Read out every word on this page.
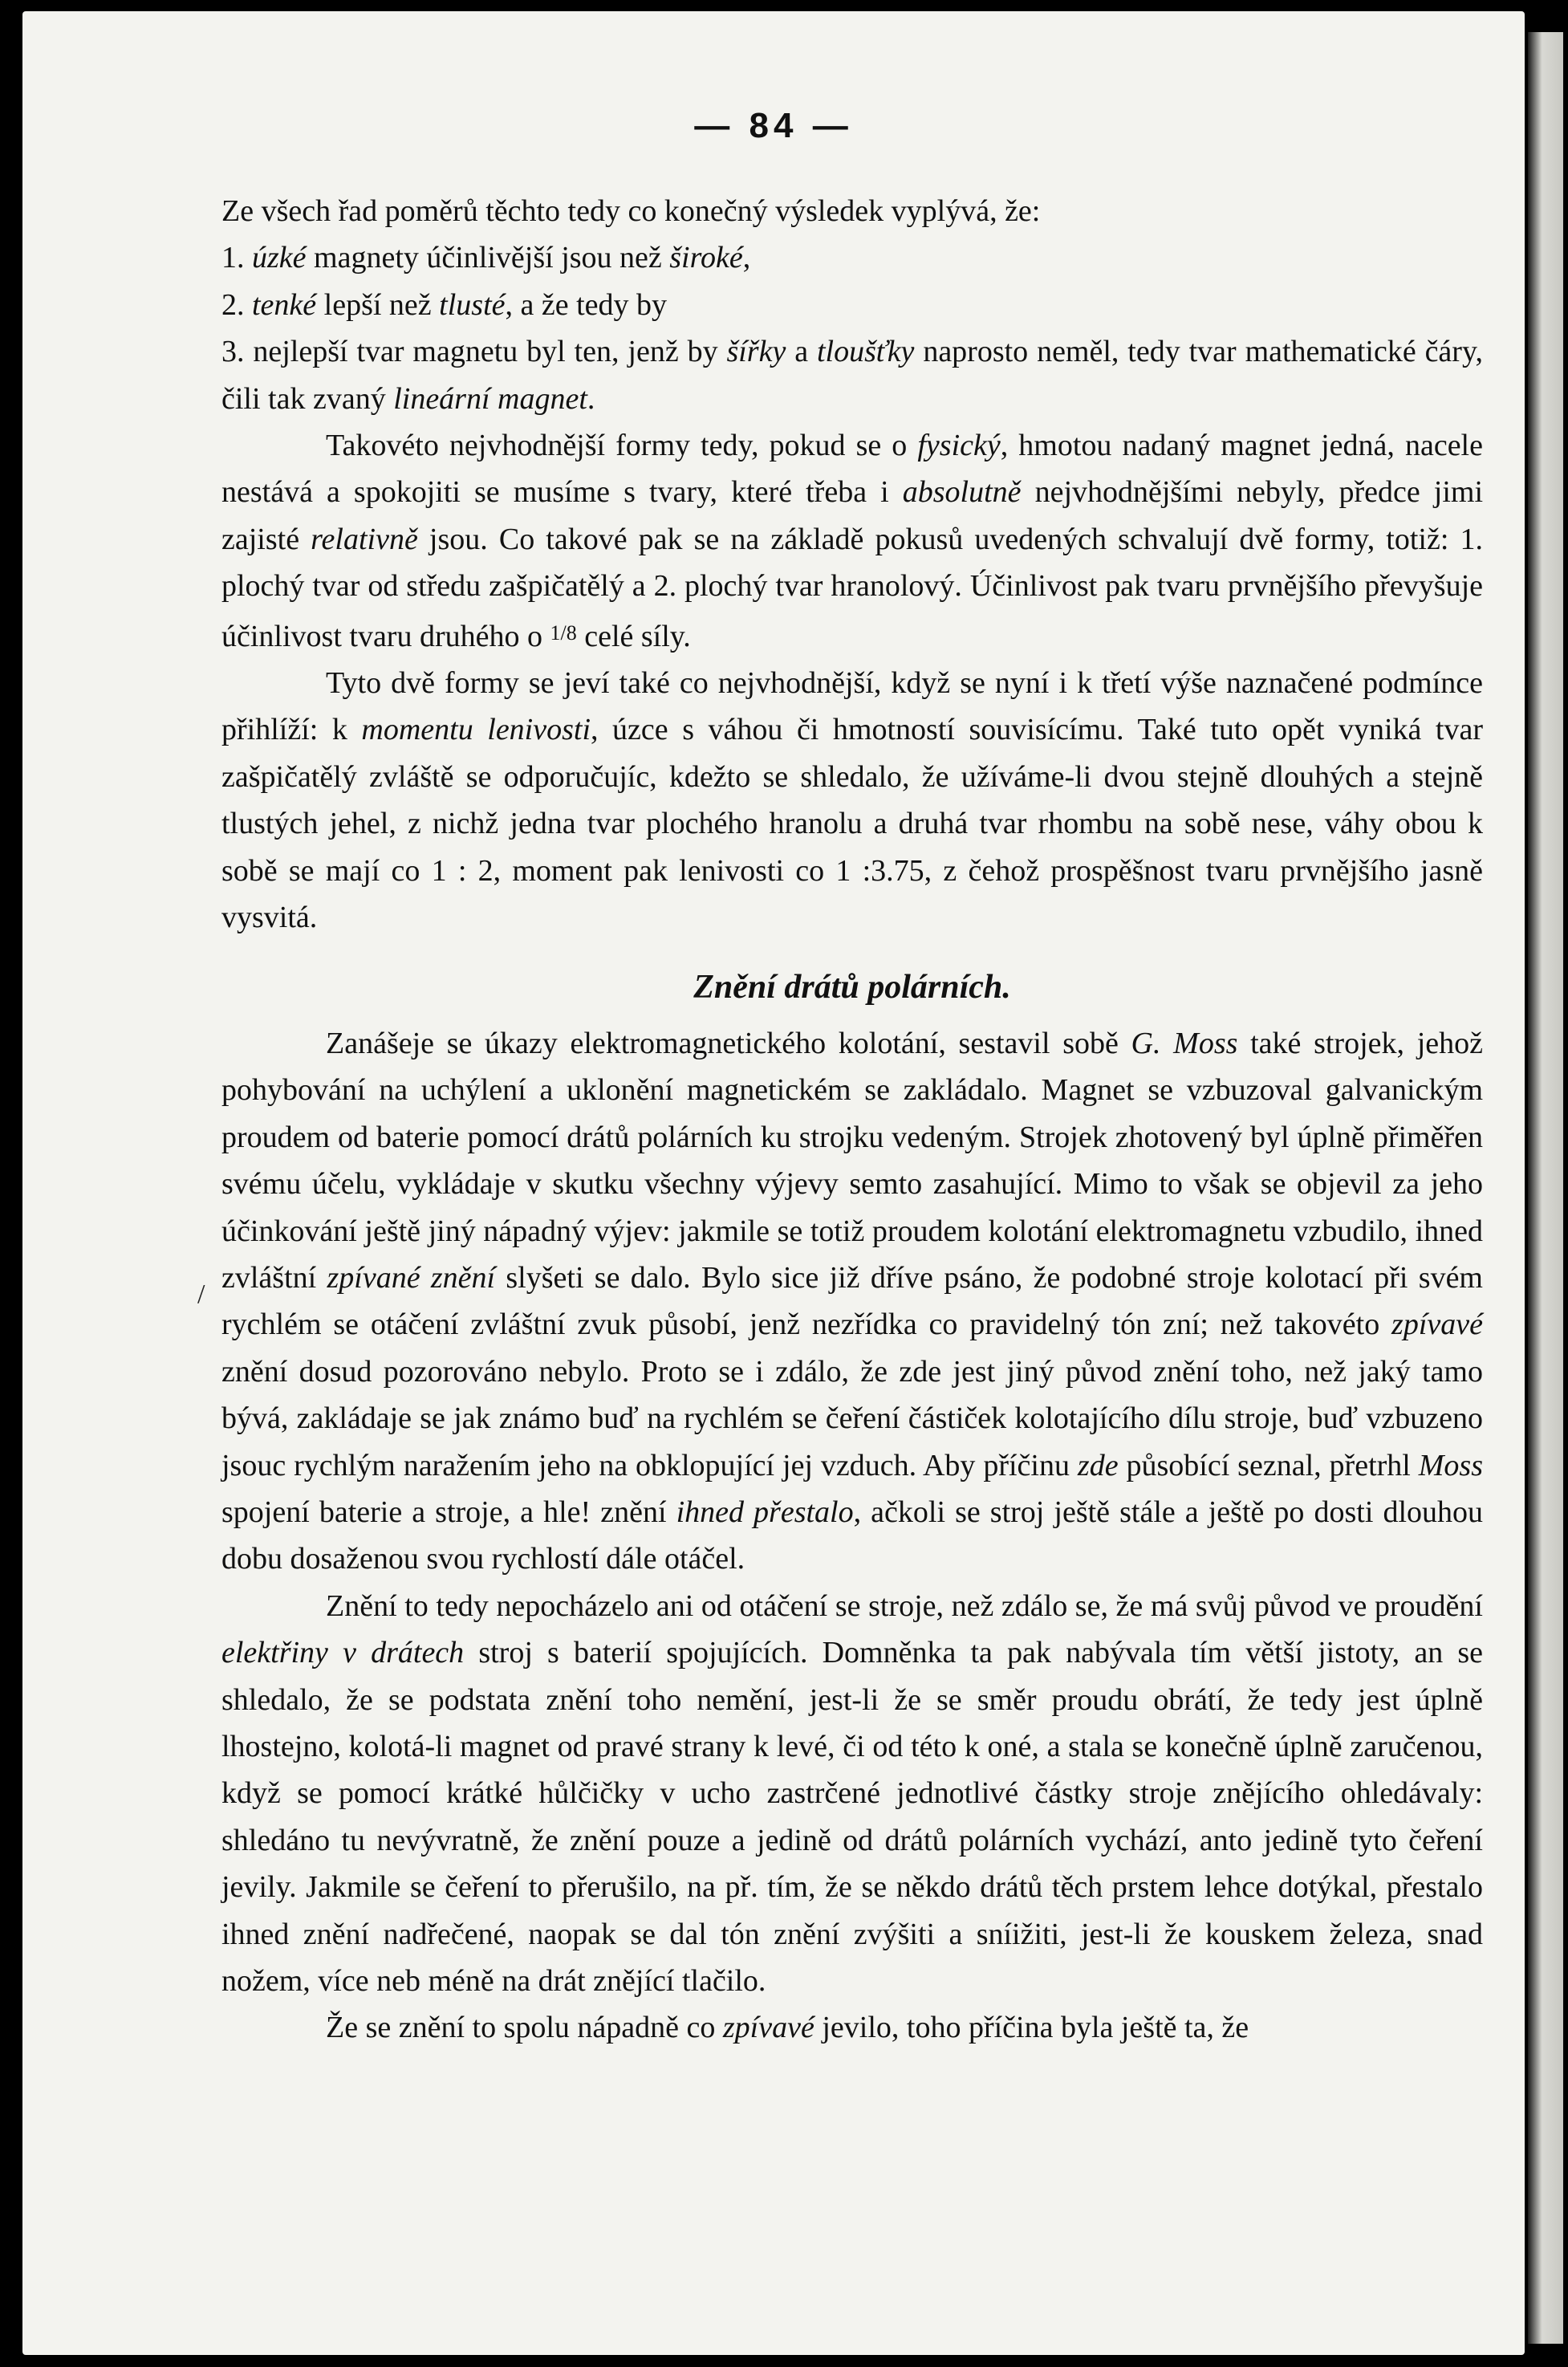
— 84 —

Ze všech řad poměrů těchto tedy co konečný výsledek vyplývá, že:

1. úzké magnety účinlivější jsou než široké,

2. tenké lepší než tlusté, a že tedy by

3. nejlepší tvar magnetu byl ten, jenž by šířky a tloušťky naprosto neměl, tedy tvar mathematické čáry, čili tak zvaný lineární magnet.

Takovéto nejvhodnější formy tedy, pokud se o fysický, hmotou nadaný magnet jedná, nacele nestává a spokojiti se musíme s tvary, které třeba i absolutně nejvhodnějšími nebyly, předce jimi zajisté relativně jsou. Co takové pak se na základě pokusů uvedených schvalují dvě formy, totiž: 1. plochý tvar od středu zašpičatělý a 2. plochý tvar hranolový. Účinlivost pak tvaru prvnějšího převyšuje účinlivost tvaru druhého o $^{1/8}$ celé síly.

Tyto dvě formy se jeví také co nejvhodnější, když se nyní i k třetí výše naznačené podmínce přihlíží: k momentu lenivosti, úzce s váhou či hmotností souvisícímu. Také tuto opět vyniká tvar zašpičatělý zvláště se odporučujíc, kdežto se shledalo, že užíváme-li dvou stejně dlouhých a stejně tlustých jehel, z nichž jedna tvar plochého hranolu a druhá tvar rhombu na sobě nese, váhy obou k sobě se mají co 1 : 2, moment pak lenivosti co 1 :3.75, z čehož prospěšnost tvaru prvnějšího jasně vysvitá.

Znění drátů polárních.

Zanášeje se úkazy elektromagnetického kolotání, sestavil sobě G. Moss také strojek, jehož pohybování na uchýlení a uklonění magnetickém se zakládalo. Magnet se vzbuzoval galvanickým proudem od baterie pomocí drátů polárních ku strojku vedeným. Strojek zhotovený byl úplně přiměřen svému účelu, vykládaje v skutku všechny výjevy semto zasahující. Mimo to však se objevil za jeho účinkování ještě jiný nápadný výjev: jakmile se totiž proudem kolotání elektromagnetu vzbudilo, ihned zvláštní zpívané znění slyšeti se dalo. Bylo sice již dříve psáno, že podobné stroje kolotací při svém rychlém se otáčení zvláštní zvuk působí, jenž nezřídka co pravidelný tón zní; než takovéto zpívavé znění dosud pozorováno nebylo. Proto se i zdálo, že zde jest jiný původ znění toho, než jaký tamo bývá, zakládaje se jak známo buď na rychlém se čeření částiček kolotajícího dílu stroje, buď vzbuzeno jsouc rychlým naražením jeho na obklopující jej vzduch. Aby příčinu zde působící seznal, přetrhl Moss spojení baterie a stroje, a hle! znění ihned přestalo, ačkoli se stroj ještě stále a ještě po dosti dlouhou dobu dosaženou svou rychlostí dále otáčel.

Znění to tedy nepocházelo ani od otáčení se stroje, než zdálo se, že má svůj původ ve proudění elektřiny v drátech stroj s baterií spojujících. Domněnka ta pak nabývala tím větší jistoty, an se shledalo, že se podstata znění toho nemění, jest-li že se směr proudu obrátí, že tedy jest úplně lhostejno, kolotá-li magnet od pravé strany k levé, či od této k oné, a stala se konečně úplně zaručenou, když se pomocí krátké hůlčičky v ucho zastrčené jednotlivé částky stroje znějícího ohledávaly: shledáno tu nevývratně, že znění pouze a jedině od drátů polárních vychází, anto jedině tyto čeření jevily. Jakmile se čeření to přerušilo, na př. tím, že se někdo drátů těch prstem lehce dotýkal, přestalo ihned znění nadřečené, naopak se dal tón znění zvýšiti a sníižiti, jest-li že kouskem železa, snad nožem, více neb méně na drát znějící tlačilo.

Že se znění to spolu nápadně co zpívavé jevilo, toho příčina byla ještě ta, že

/
